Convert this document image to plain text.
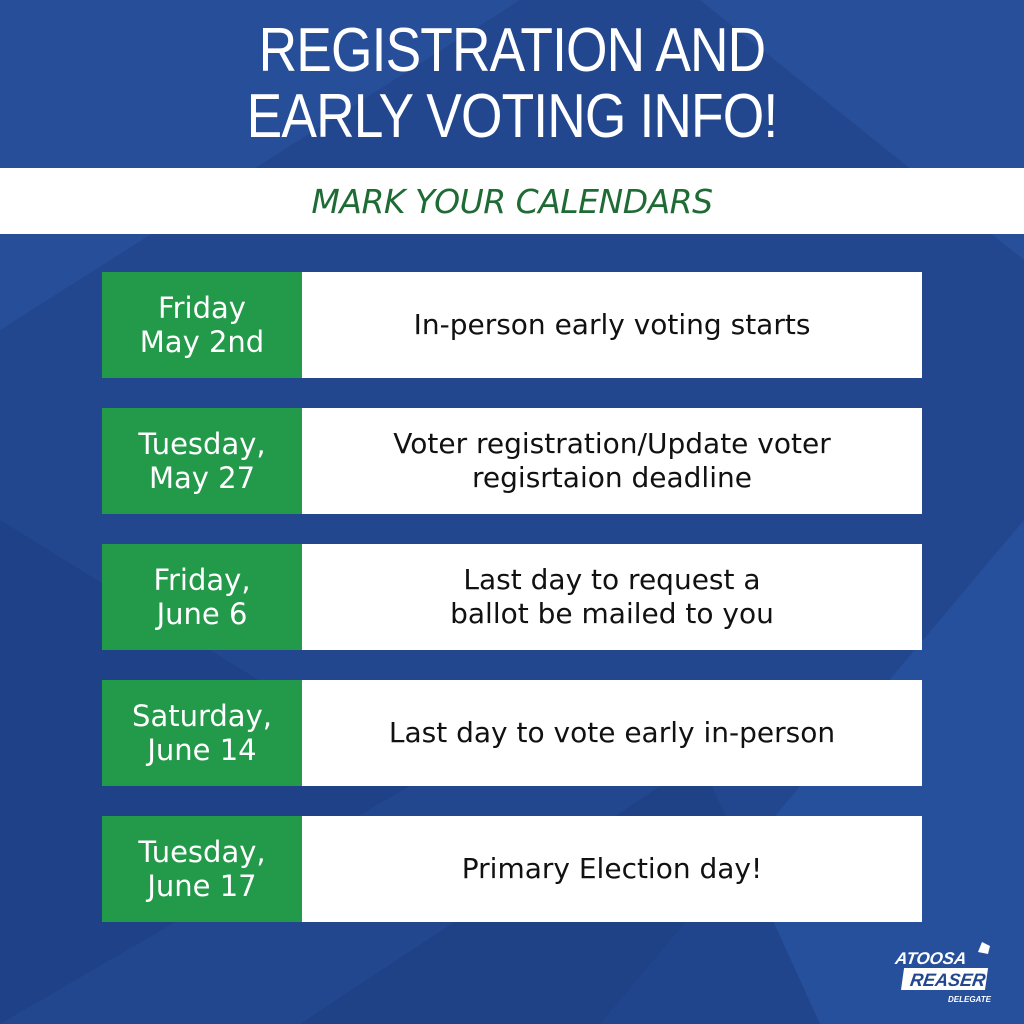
REGISTRATION AND
EARLY VOTING INFO!
MARK YOUR CALENDARS
Friday
May 2nd
In-person early voting starts
Tuesday,
May 27
Voter registration/Update voter
regisrtaion deadline
Friday,
June 6
Last day to request a
ballot be mailed to you
Saturday,
June 14
Last day to vote early in-person
Tuesday,
June 17
Primary Election day!
ATOOSA
REASER
DELEGATE
